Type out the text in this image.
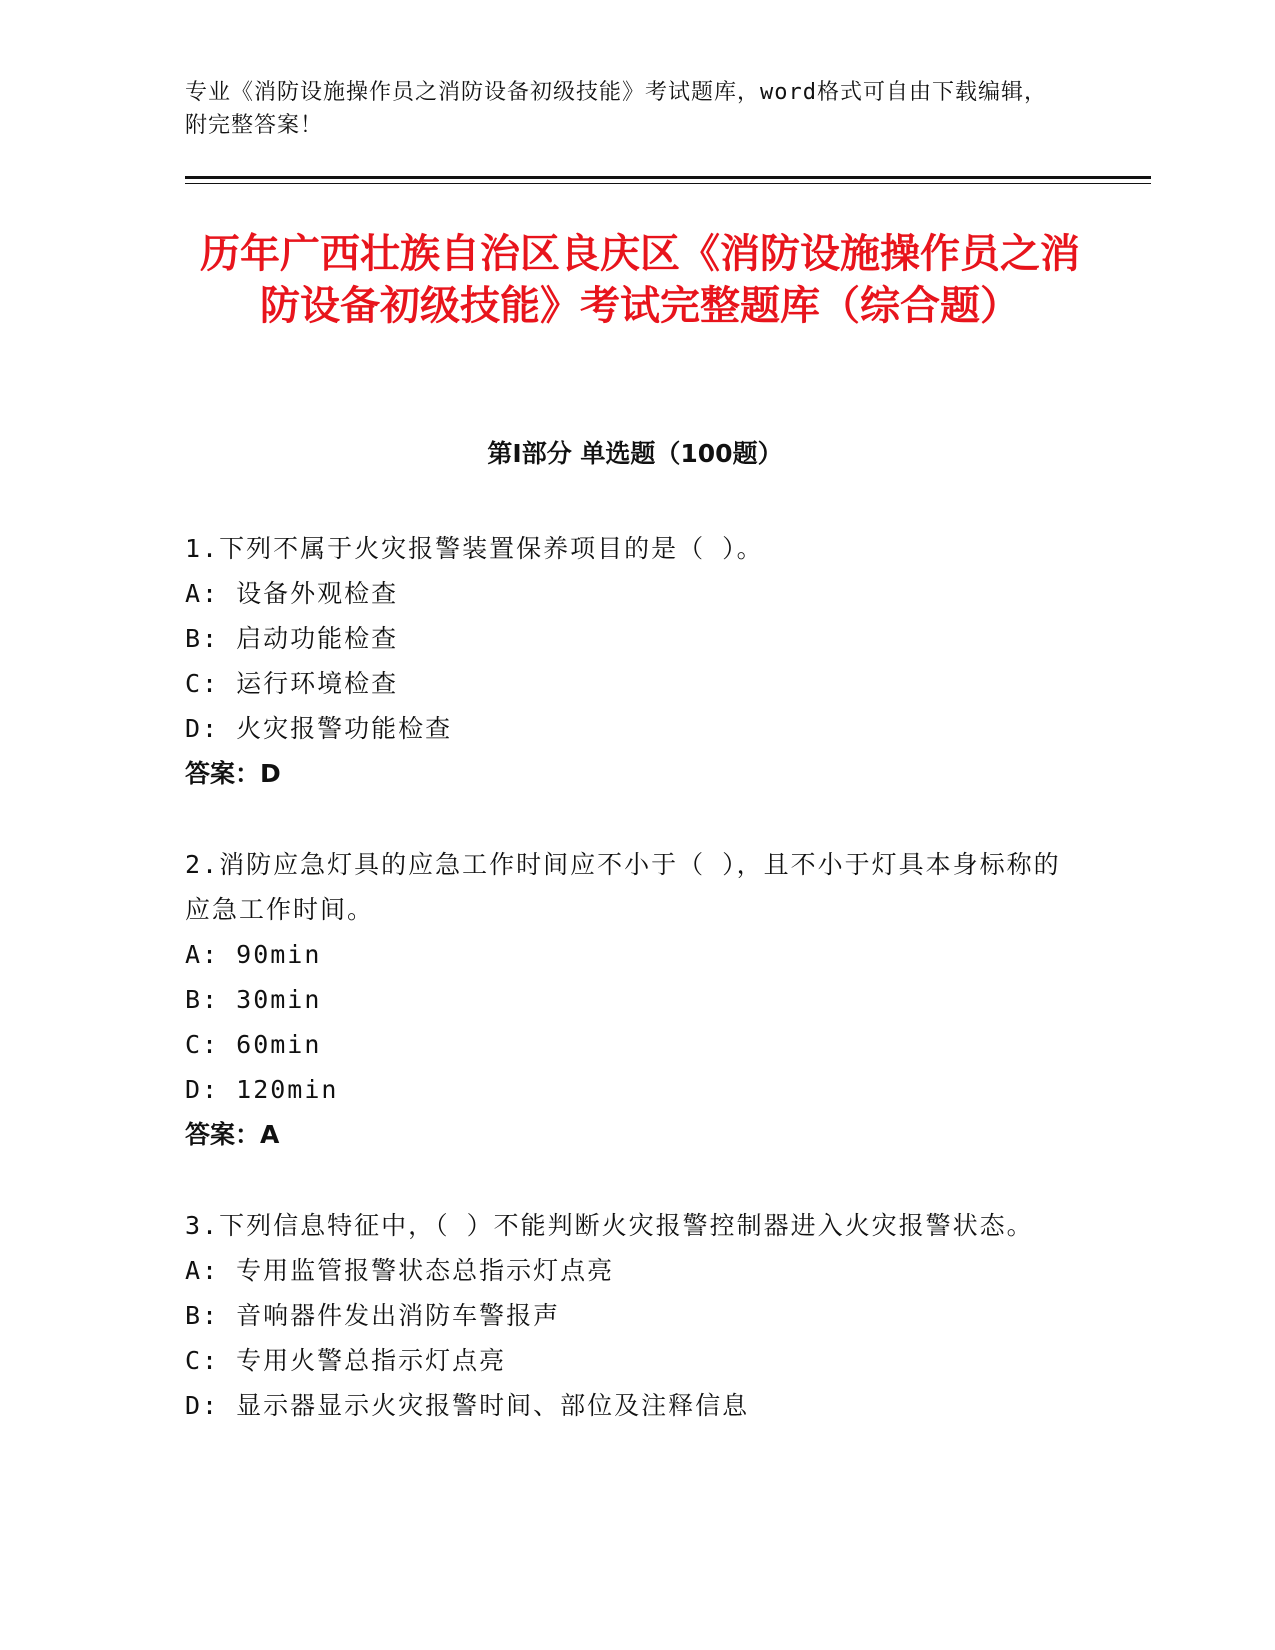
专业《消防设施操作员之消防设备初级技能》考试题库，word格式可自由下载编辑，附完整答案！
历年广西壮族自治区良庆区《消防设施操作员之消防设备初级技能》考试完整题库（综合题）
第I部分 单选题（100题）
1.下列不属于火灾报警装置保养项目的是（ ）。
A: 设备外观检查
B: 启动功能检查
C: 运行环境检查
D: 火灾报警功能检查
答案：D
2.消防应急灯具的应急工作时间应不小于（ ），且不小于灯具本身标称的应急工作时间。
A: 90min
B: 30min
C: 60min
D: 120min
答案：A
3.下列信息特征中，（ ）不能判断火灾报警控制器进入火灾报警状态。
A: 专用监管报警状态总指示灯点亮
B: 音响器件发出消防车警报声
C: 专用火警总指示灯点亮
D: 显示器显示火灾报警时间、部位及注释信息
